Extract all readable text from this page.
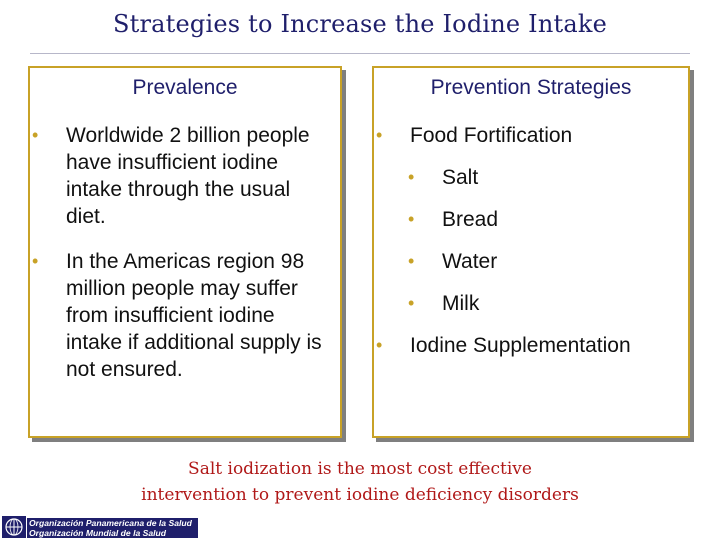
Strategies to Increase the Iodine Intake
Prevalence
• Worldwide 2 billion people have insufficient iodine intake through the usual diet.
• In the Americas region 98 million people may suffer from insufficient iodine intake if additional supply is not ensured.
Prevention Strategies
• Food Fortification
• Salt
• Bread
• Water
• Milk
• Iodine Supplementation
Salt iodization is the most cost effective
intervention to prevent iodine deficiency disorders
Organización Panamericana de la Salud
Organización Mundial de la Salud
